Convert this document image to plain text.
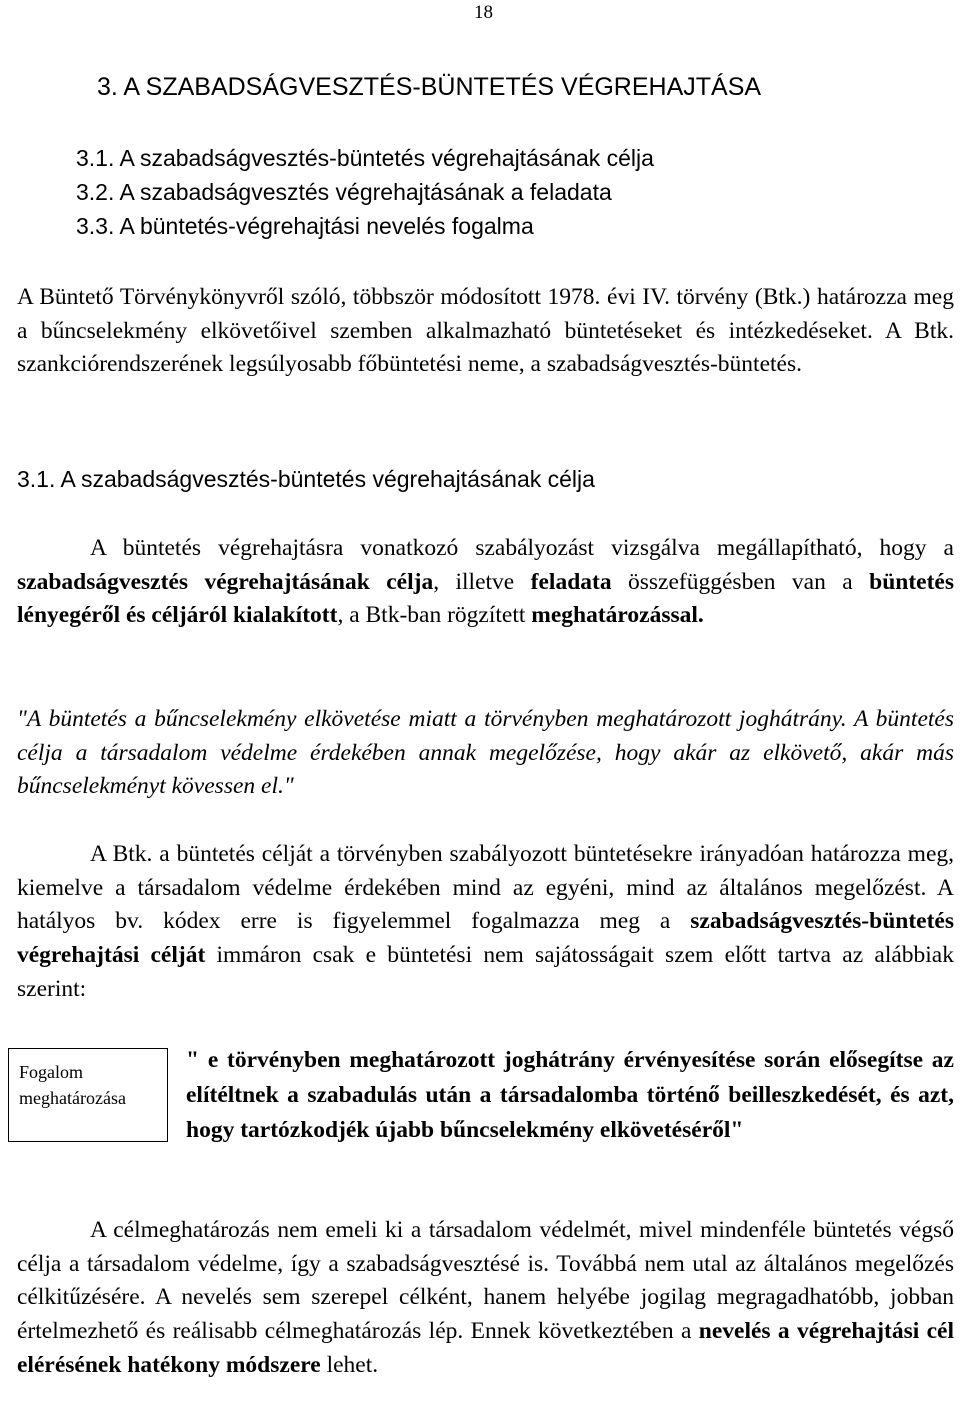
18
3. A SZABADSÁGVESZTÉS-BÜNTETÉS VÉGREHAJTÁSA
3.1. A szabadságvesztés-büntetés végrehajtásának célja
3.2. A szabadságvesztés végrehajtásának a feladata
3.3. A büntetés-végrehajtási nevelés fogalma

A Büntető Törvénykönyvről szóló, többször módosított 1978. évi IV. törvény (Btk.) határozza meg a bűncselekmény elkövetőivel szemben alkalmazható büntetéseket és intézkedéseket. A Btk. szankciórendszerének legsúlyosabb főbüntetési neme, a szabadságvesztés-büntetés.

3.1. A szabadságvesztés-büntetés végrehajtásának célja

A büntetés végrehajtásra vonatkozó szabályozást vizsgálva megállapítható, hogy a szabadságvesztés végrehajtásának célja, illetve feladata összefüggésben van a büntetés lényegéről és céljáról kialakított, a Btk-ban rögzített meghatározással.

"A büntetés a bűncselekmény elkövetése miatt a törvényben meghatározott joghátrány. A büntetés célja a társadalom védelme érdekében annak megelőzése, hogy akár az elkövető, akár más bűncselekményt kövessen el."

A Btk. a büntetés célját a törvényben szabályozott büntetésekre irányadóan határozza meg, kiemelve a társadalom védelme érdekében mind az egyéni, mind az általános megelőzést. A hatályos bv. kódex erre is figyelemmel fogalmazza meg a szabadságvesztés-büntetés végrehajtási célját immáron csak e büntetési nem sajátosságait szem előtt tartva az alábbiak szerint:

Fogalom
meghatározása

" e törvényben meghatározott joghátrány érvényesítése során elősegítse az elítéltnek a szabadulás után a társadalomba történő beilleszkedését, és azt, hogy tartózkodjék újabb bűncselekmény elkövetéséről"

A célmeghatározás nem emeli ki a társadalom védelmét, mivel mindenféle büntetés végső célja a társadalom védelme, így a szabadságvesztésé is. Továbbá nem utal az általános megelőzés célkitűzésére. A nevelés sem szerepel célként, hanem helyébe jogilag megragadhatóbb, jobban értelmezhető és reálisabb célmeghatározás lép. Ennek következtében a nevelés a végrehajtási cél elérésének hatékony módszere lehet.
